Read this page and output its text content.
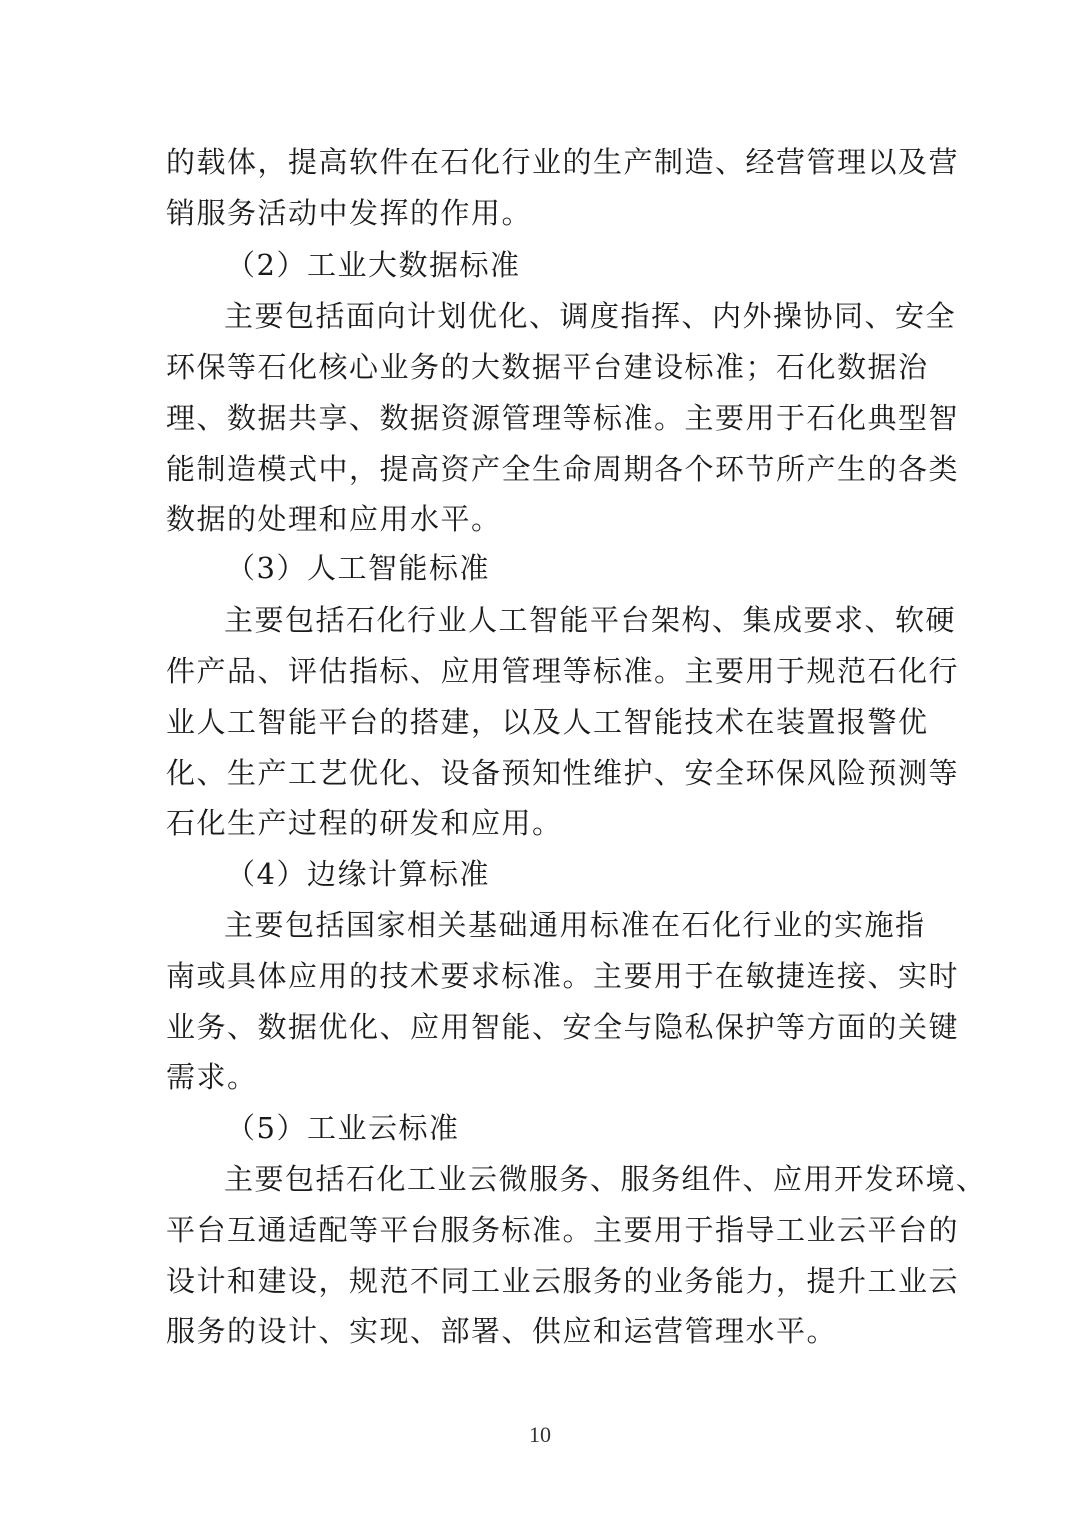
的载体，提高软件在石化行业的生产制造、经营管理以及营
销服务活动中发挥的作用。
（2）工业大数据标准
主要包括面向计划优化、调度指挥、内外操协同、安全
环保等石化核心业务的大数据平台建设标准；石化数据治
理、数据共享、数据资源管理等标准。主要用于石化典型智
能制造模式中，提高资产全生命周期各个环节所产生的各类
数据的处理和应用水平。
（3）人工智能标准
主要包括石化行业人工智能平台架构、集成要求、软硬
件产品、评估指标、应用管理等标准。主要用于规范石化行
业人工智能平台的搭建，以及人工智能技术在装置报警优
化、生产工艺优化、设备预知性维护、安全环保风险预测等
石化生产过程的研发和应用。
（4）边缘计算标准
主要包括国家相关基础通用标准在石化行业的实施指
南或具体应用的技术要求标准。主要用于在敏捷连接、实时
业务、数据优化、应用智能、安全与隐私保护等方面的关键
需求。
（5）工业云标准
主要包括石化工业云微服务、服务组件、应用开发环境、
平台互通适配等平台服务标准。主要用于指导工业云平台的
设计和建设，规范不同工业云服务的业务能力，提升工业云
服务的设计、实现、部署、供应和运营管理水平。
10
